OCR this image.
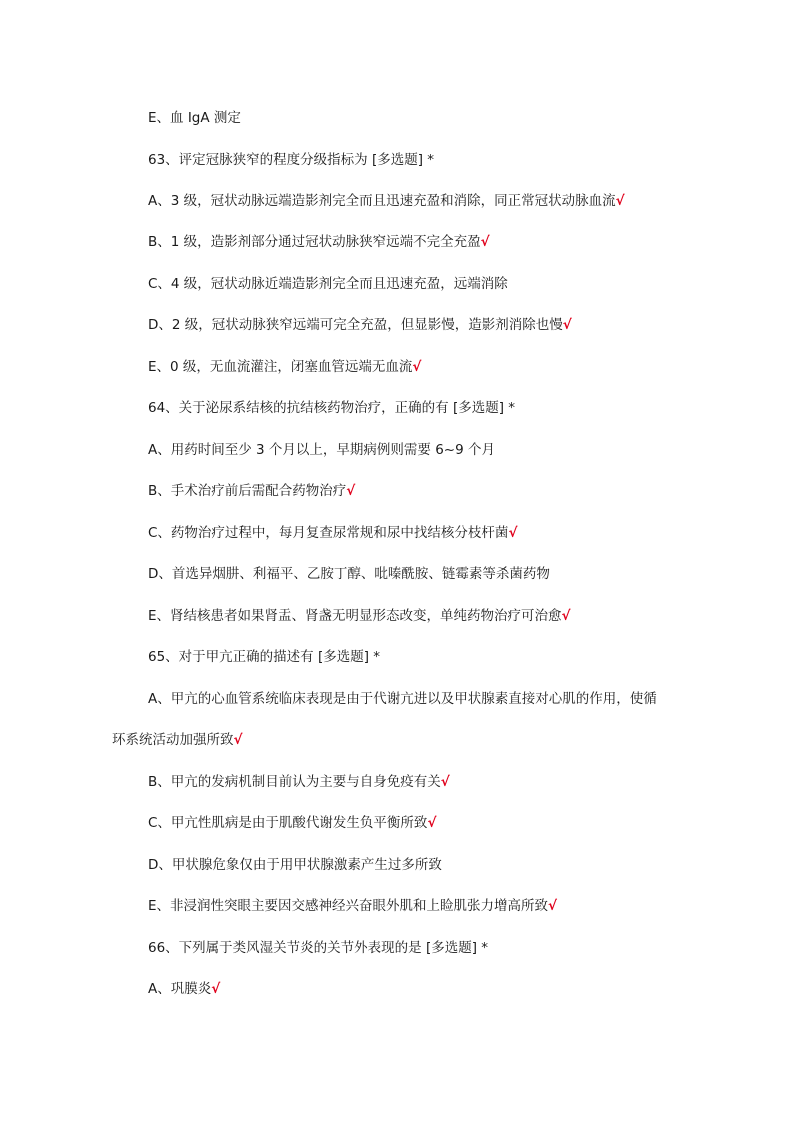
E、血 IgA 测定
63、评定冠脉狭窄的程度分级指标为 [多选题] *
A、3 级，冠状动脉远端造影剂完全而且迅速充盈和消除，同正常冠状动脉血流√
B、1 级，造影剂部分通过冠状动脉狭窄远端不完全充盈√
C、4 级，冠状动脉近端造影剂完全而且迅速充盈，远端消除
D、2 级，冠状动脉狭窄远端可完全充盈，但显影慢，造影剂消除也慢√
E、0 级，无血流灌注，闭塞血管远端无血流√
64、关于泌尿系结核的抗结核药物治疗，正确的有 [多选题] *
A、用药时间至少 3 个月以上，早期病例则需要 6~9 个月
B、手术治疗前后需配合药物治疗√
C、药物治疗过程中，每月复查尿常规和尿中找结核分枝杆菌√
D、首选异烟肼、利福平、乙胺丁醇、吡嗪酰胺、链霉素等杀菌药物
E、肾结核患者如果肾盂、肾盏无明显形态改变，单纯药物治疗可治愈√
65、对于甲亢正确的描述有 [多选题] *
A、甲亢的心血管系统临床表现是由于代谢亢进以及甲状腺素直接对心肌的作用，使循
环系统活动加强所致√
B、甲亢的发病机制目前认为主要与自身免疫有关√
C、甲亢性肌病是由于肌酸代谢发生负平衡所致√
D、甲状腺危象仅由于用甲状腺激素产生过多所致
E、非浸润性突眼主要因交感神经兴奋眼外肌和上睑肌张力增高所致√
66、下列属于类风湿关节炎的关节外表现的是 [多选题] *
A、巩膜炎√
